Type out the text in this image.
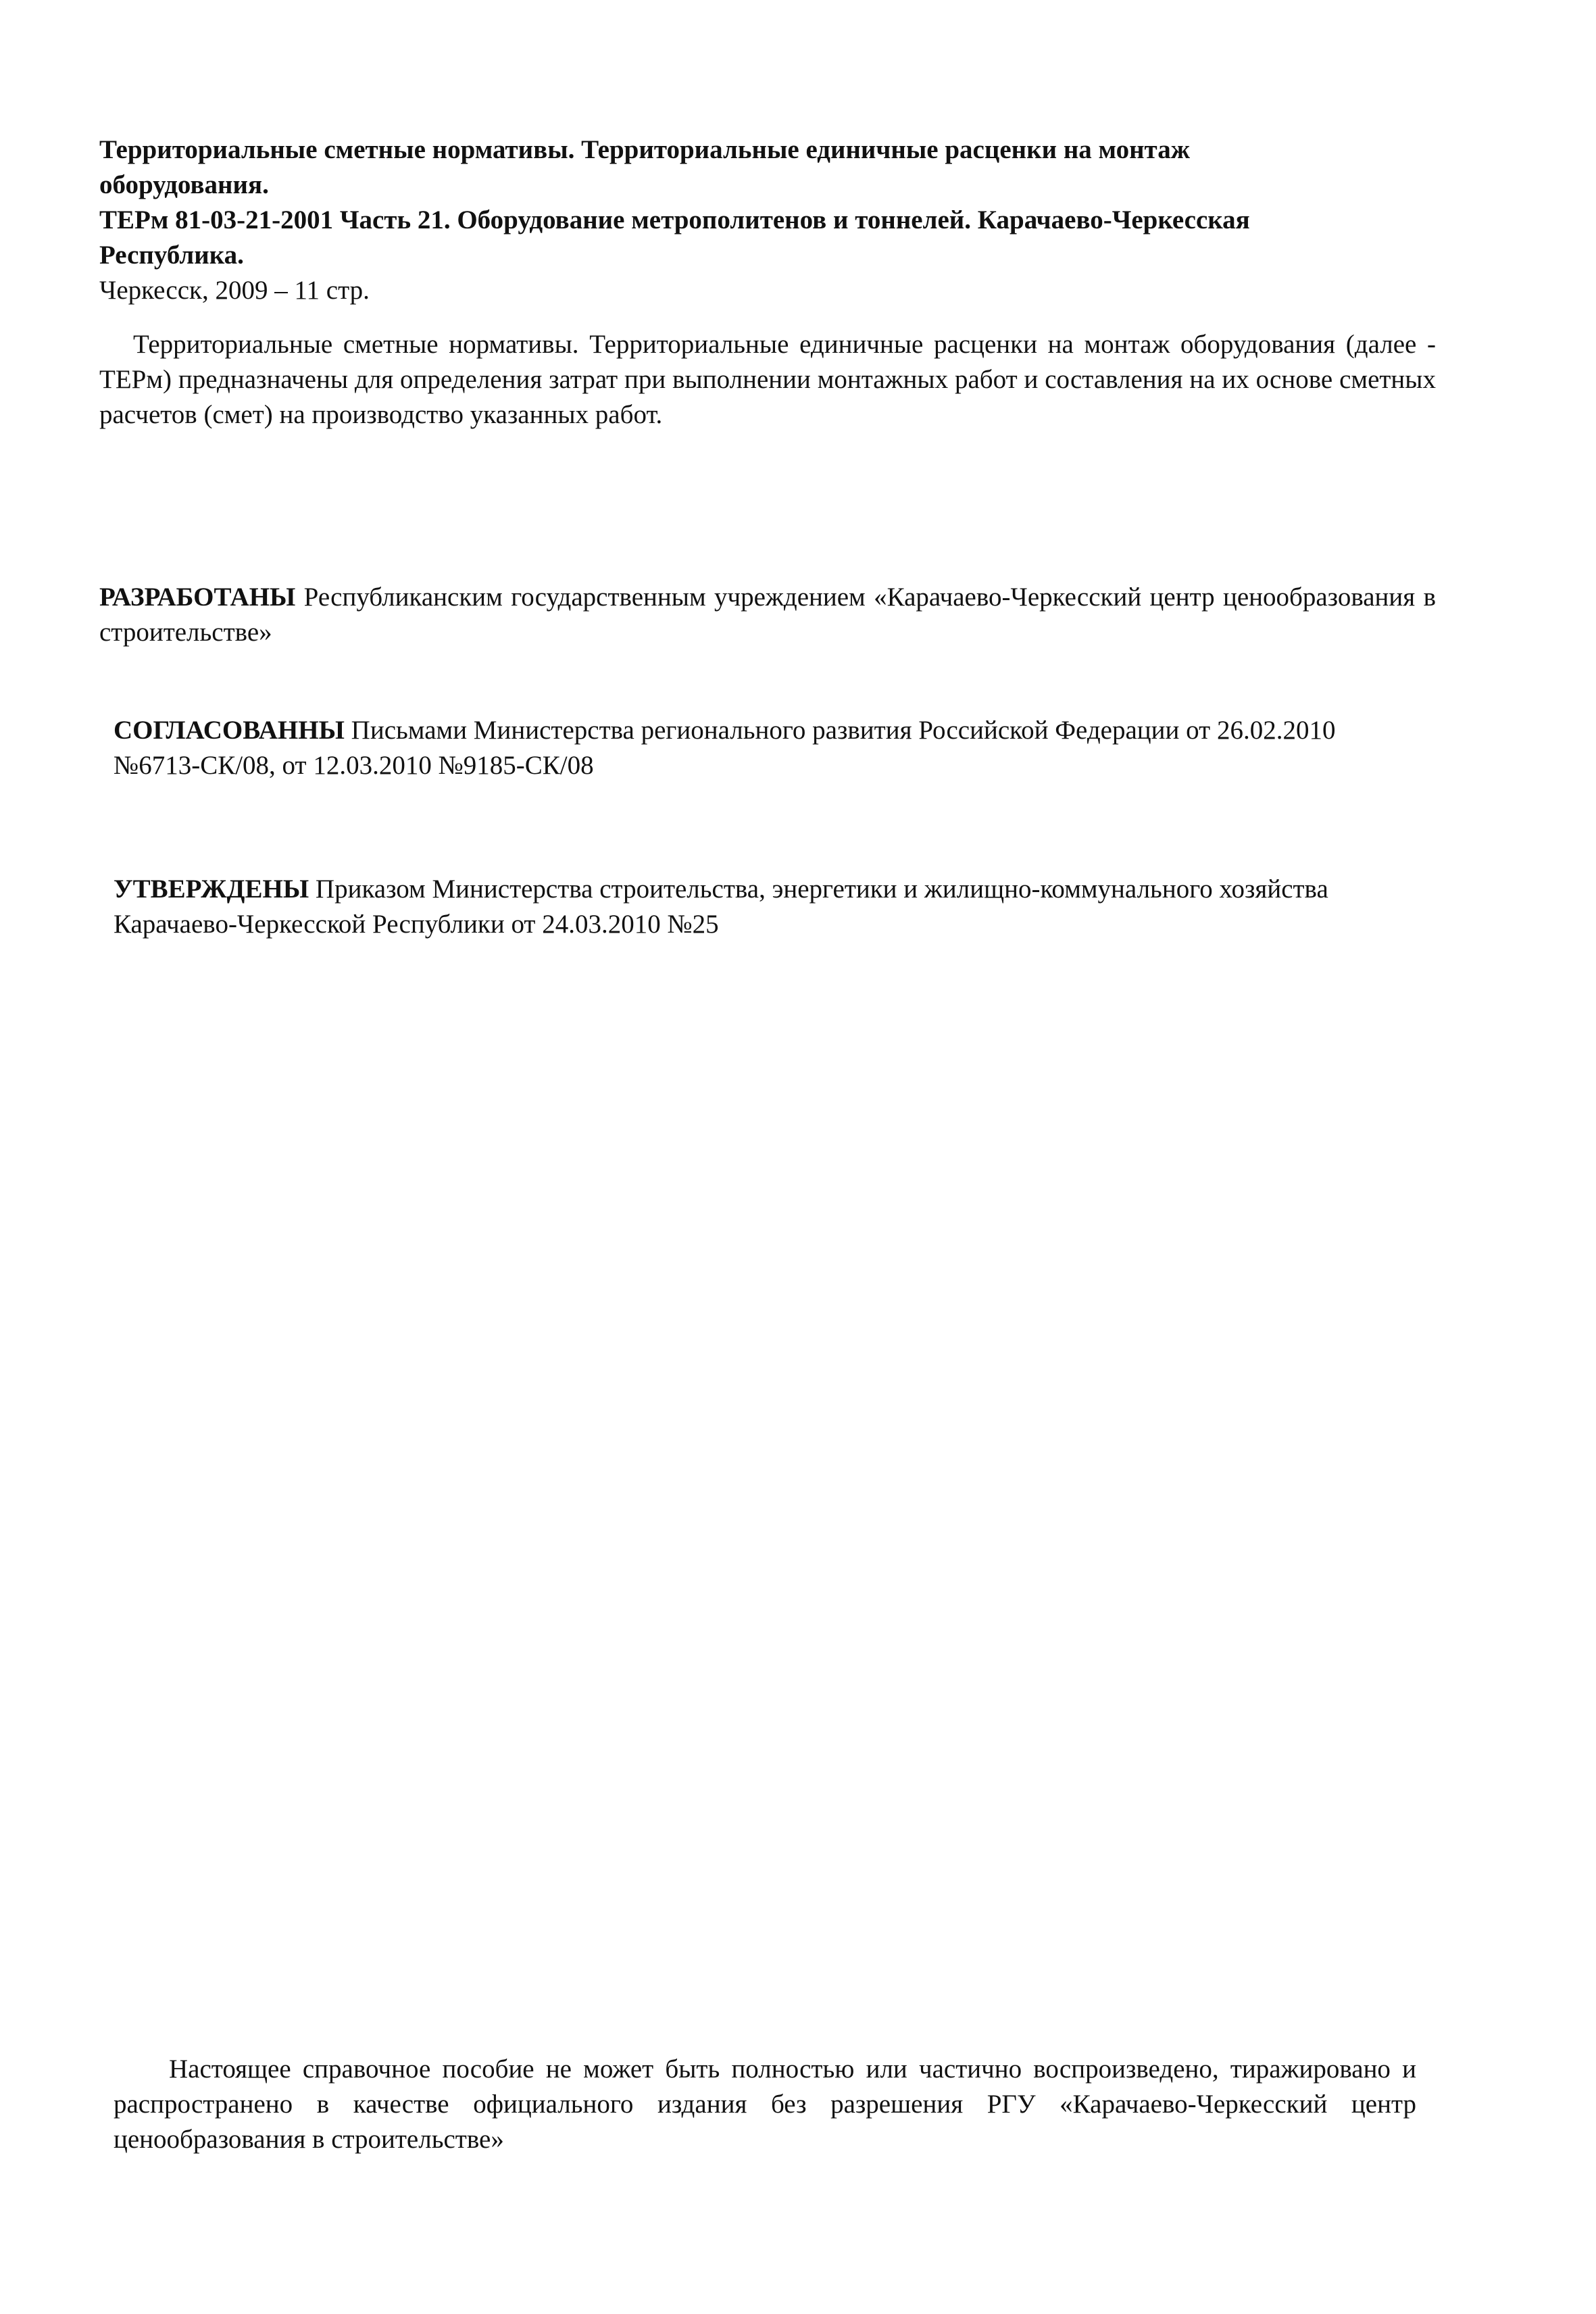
Территориальные сметные нормативы. Территориальные единичные расценки на монтаж
оборудования.
ТЕРм 81-03-21-2001 Часть 21. Оборудование метрополитенов и тоннелей. Карачаево-Черкесская
Республика.
Черкесск, 2009 – 11 стр.
Территориальные сметные нормативы. Территориальные единичные расценки на монтаж оборудования (далее - ТЕРм) предназначены для определения затрат при выполнении монтажных работ и составления на их основе сметных расчетов (смет) на производство указанных работ.
РАЗРАБОТАНЫ Республиканским государственным учреждением «Карачаево-Черкесский центр ценообразования в строительстве»
СОГЛАСОВАННЫ Письмами Министерства регионального развития Российской Федерации от 26.02.2010 №6713-СК/08, от 12.03.2010 №9185-СК/08
УТВЕРЖДЕНЫ Приказом Министерства строительства, энергетики и жилищно-коммунального хозяйства Карачаево-Черкесской Республики от 24.03.2010 №25
Настоящее справочное пособие не может быть полностью или частично воспроизведено, тиражировано и распространено в качестве официального издания без разрешения РГУ «Карачаево-Черкесский центр ценообразования в строительстве»
